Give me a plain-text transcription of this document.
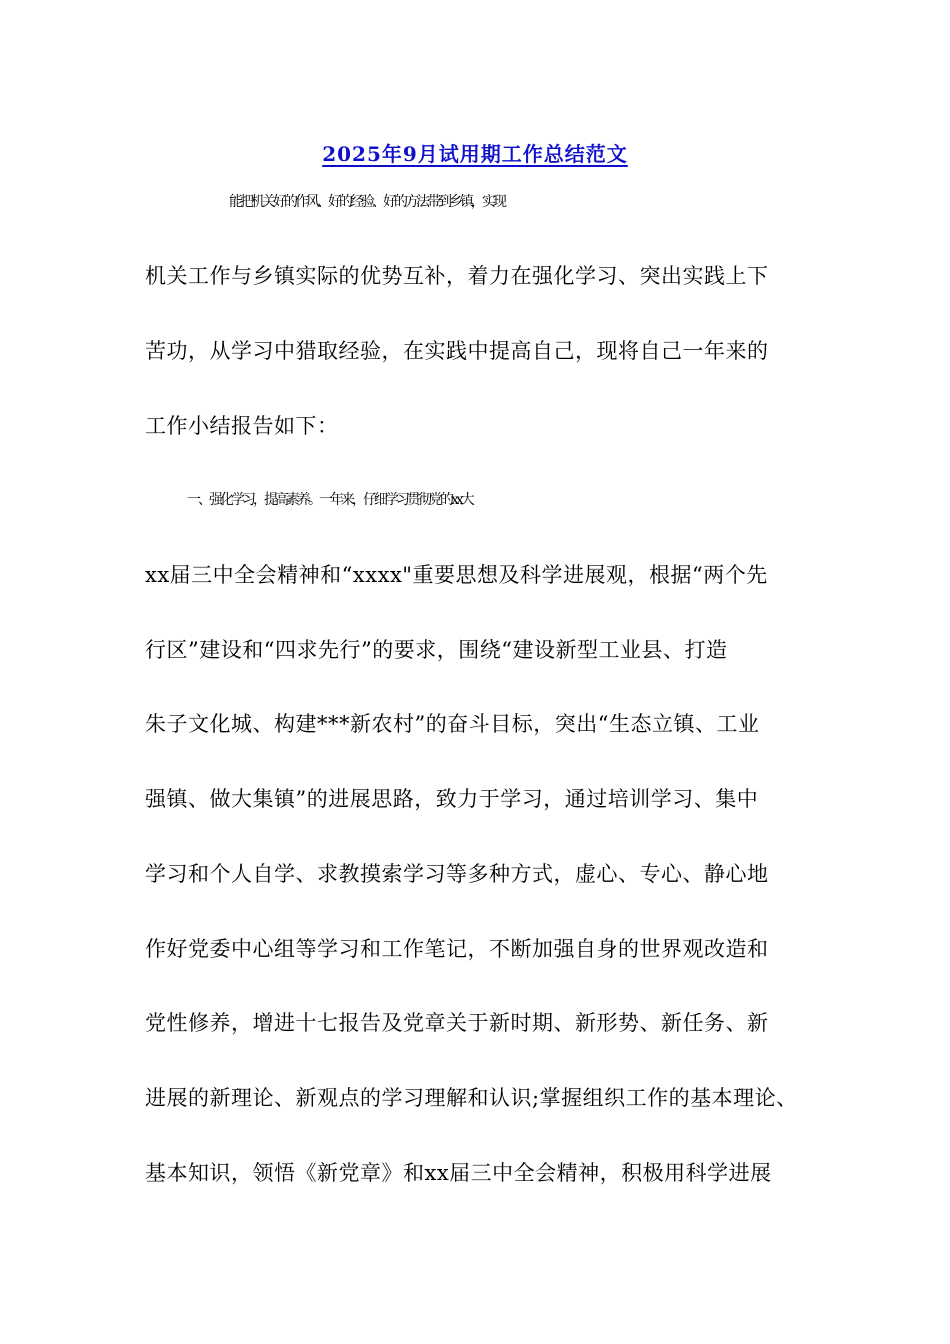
2025年9月试用期工作总结范文
能把机关好的作风、好的经验、好的方法带到乡镇，实现
机关工作与乡镇实际的优势互补，着力在强化学习、突出实践上下
苦功，从学习中猎取经验，在实践中提高自己，现将自己一年来的
工作小结报告如下：
一、强化学习，提高素养。一年来，仔细学习贯彻党的xx大
xx届三中全会精神和“xxxx"重要思想及科学进展观，根据“两个先
行区”建设和“四求先行”的要求，围绕“建设新型工业县、打造
朱子文化城、构建***新农村”的奋斗目标，突出“生态立镇、工业
强镇、做大集镇”的进展思路，致力于学习，通过培训学习、集中
学习和个人自学、求教摸索学习等多种方式，虚心、专心、静心地
作好党委中心组等学习和工作笔记，不断加强自身的世界观改造和
党性修养，增进十七报告及党章关于新时期、新形势、新任务、新
进展的新理论、新观点的学习理解和认识;掌握组织工作的基本理论、
基本知识，领悟《新党章》和xx届三中全会精神，积极用科学进展
